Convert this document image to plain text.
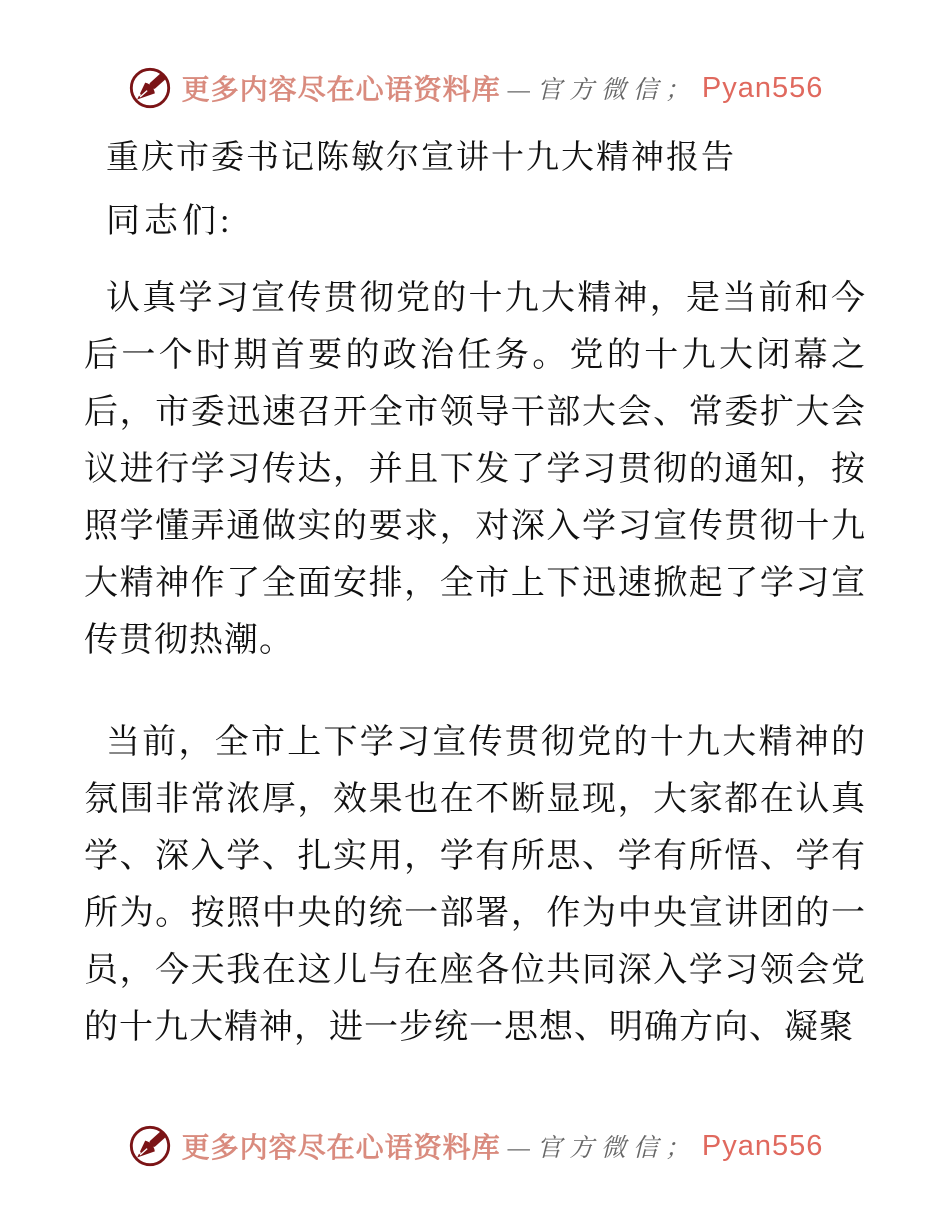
更多内容尽在心语资料库 —官方微信； Pyan556
重庆市委书记陈敏尔宣讲十九大精神报告

同志们:

认真学习宣传贯彻党的十九大精神，是当前和今后一个时期首要的政治任务。党的十九大闭幕之后，市委迅速召开全市领导干部大会、常委扩大会议进行学习传达，并且下发了学习贯彻的通知，按照学懂弄通做实的要求，对深入学习宣传贯彻十九大精神作了全面安排，全市上下迅速掀起了学习宣传贯彻热潮。

当前，全市上下学习宣传贯彻党的十九大精神的氛围非常浓厚，效果也在不断显现，大家都在认真学、深入学、扎实用，学有所思、学有所悟、学有所为。按照中央的统一部署，作为中央宣讲团的一员，今天我在这儿与在座各位共同深入学习领会党的十九大精神，进一步统一思想、明确方向、凝聚

更多内容尽在心语资料库 —官方微信； Pyan556
